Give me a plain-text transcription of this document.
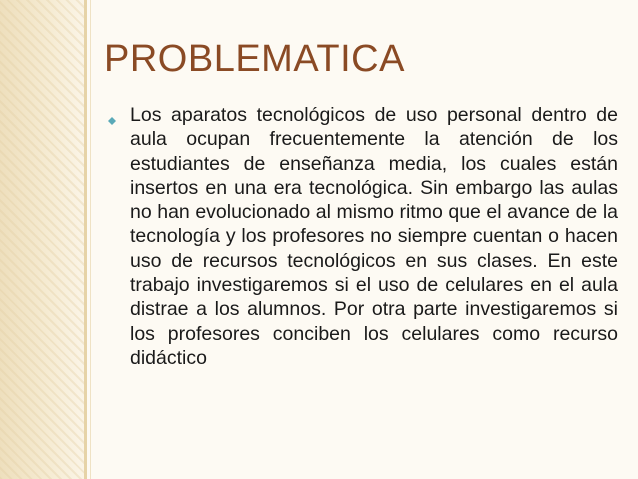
PROBLEMATICA

Los aparatos tecnológicos de uso personal dentro de aula ocupan frecuentemente la atención de los estudiantes de enseñanza media, los cuales están insertos en una era tecnológica. Sin embargo las aulas no han evolucionado al mismo ritmo que el avance de la tecnología y los profesores no siempre cuentan o hacen uso de recursos tecnológicos en sus clases. En este trabajo investigaremos si el uso de celulares en el aula distrae a los alumnos. Por otra parte investigaremos si los profesores conciben los celulares como recurso didáctico
